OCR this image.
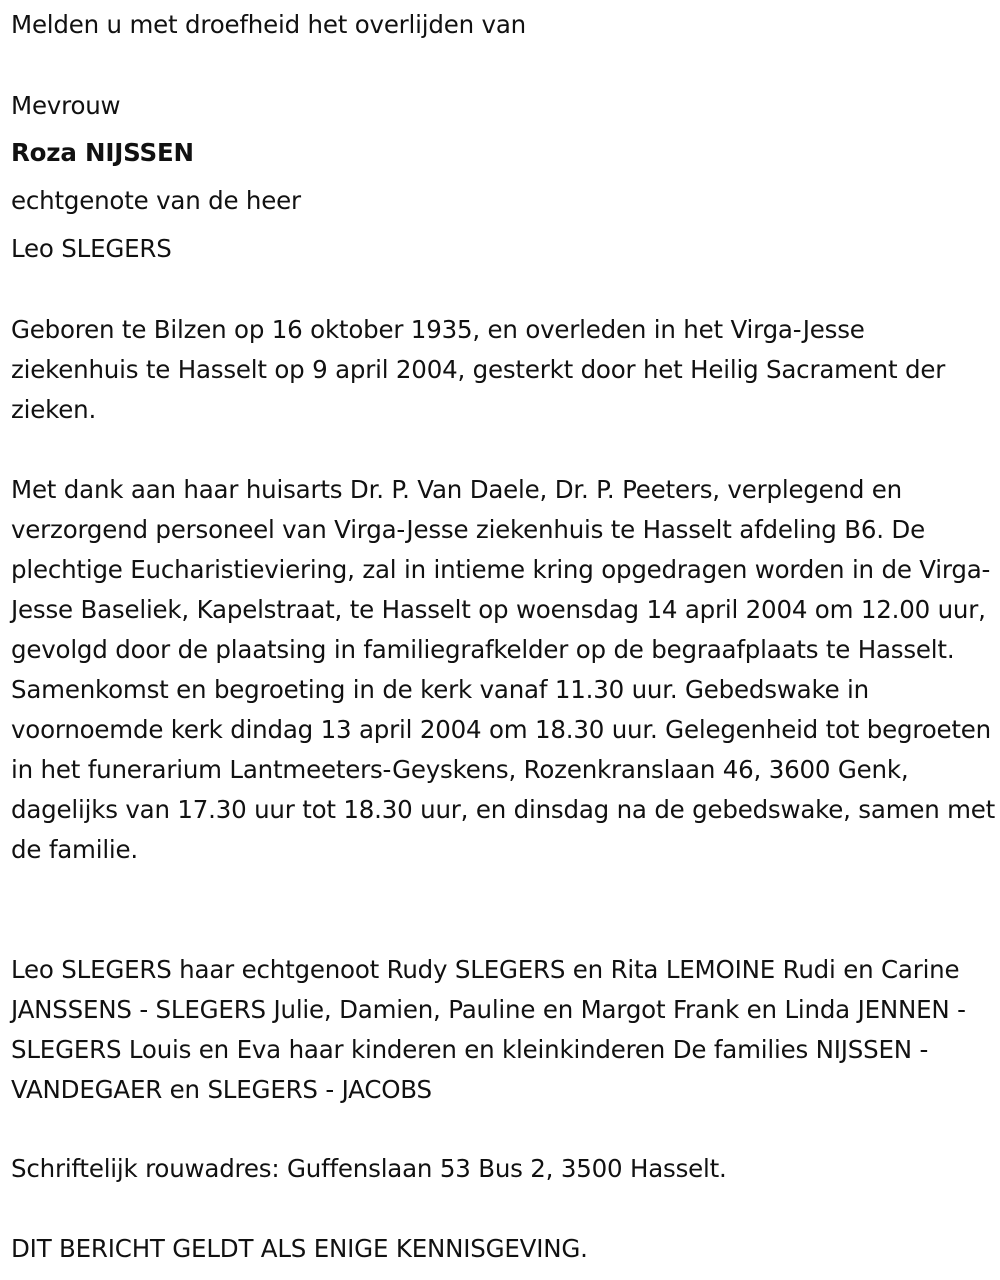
Melden u met droefheid het overlijden van
Mevrouw
Roza NIJSSEN
echtgenote van de heer
Leo SLEGERS
Geboren te Bilzen op 16 oktober 1935, en overleden in het Virga-Jesse ziekenhuis te Hasselt op 9 april 2004, gesterkt door het Heilig Sacrament der zieken.
Met dank aan haar huisarts Dr. P. Van Daele, Dr. P. Peeters, verplegend en verzorgend personeel van Virga-Jesse ziekenhuis te Hasselt afdeling B6. De plechtige Eucharistieviering, zal in intieme kring opgedragen worden in de Virga-Jesse Baseliek, Kapelstraat, te Hasselt op woensdag 14 april 2004 om 12.00 uur, gevolgd door de plaatsing in familiegrafkelder op de begraafplaats te Hasselt. Samenkomst en begroeting in de kerk vanaf 11.30 uur. Gebedswake in voornoemde kerk dindag 13 april 2004 om 18.30 uur. Gelegenheid tot begroeten in het funerarium Lantmeeters-Geyskens, Rozenkranslaan 46, 3600 Genk, dagelijks van 17.30 uur tot 18.30 uur, en dinsdag na de gebedswake, samen met de familie.
Leo SLEGERS haar echtgenoot Rudy SLEGERS en Rita LEMOINE Rudi en Carine JANSSENS - SLEGERS Julie, Damien, Pauline en Margot Frank en Linda JENNEN - SLEGERS Louis en Eva haar kinderen en kleinkinderen De families NIJSSEN - VANDEGAER en SLEGERS - JACOBS
Schriftelijk rouwadres: Guffenslaan 53 Bus 2, 3500 Hasselt.
DIT BERICHT GELDT ALS ENIGE KENNISGEVING.
